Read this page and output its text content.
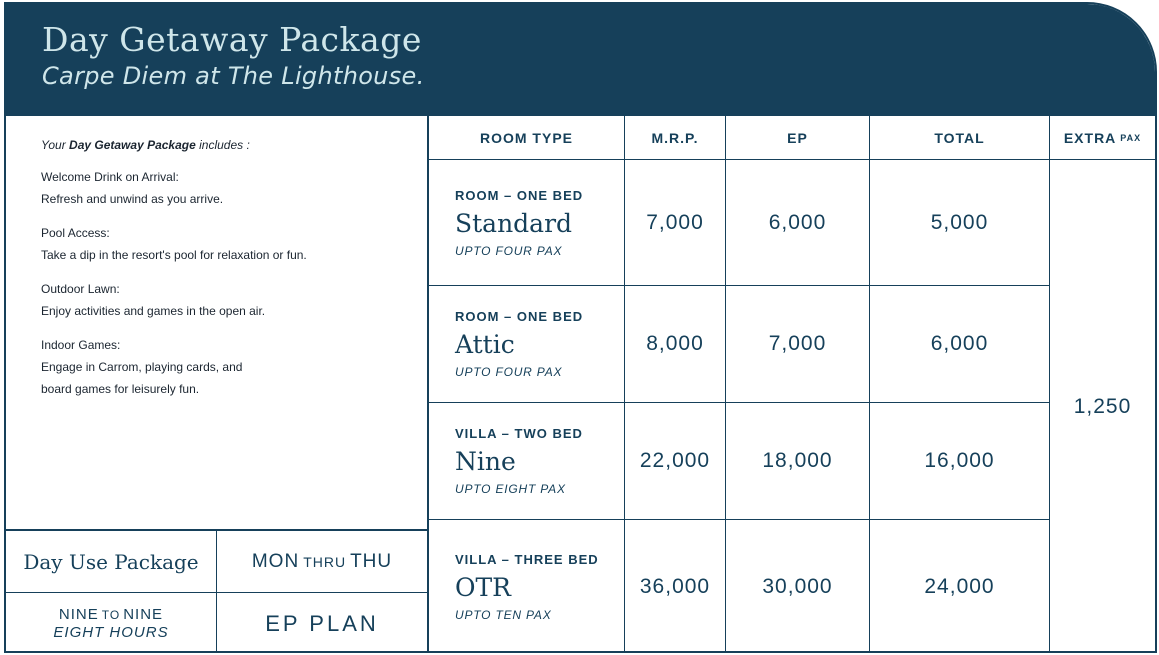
Day Getaway Package
Carpe Diem at The Lighthouse.
Your Day Getaway Package includes :
Welcome Drink on Arrival:
Refresh and unwind as you arrive.
Pool Access:
Take a dip in the resort's pool for relaxation or fun.
Outdoor Lawn:
Enjoy activities and games in the open air.
Indoor Games:
Engage in Carrom, playing cards, and
board games for leisurely fun.
Day Use Package	MON THRU THU
NINE TO NINE
EIGHT HOURS	EP PLAN
ROOM TYPE	M.R.P.	EP	TOTAL	EXTRA PAX
ROOM – ONE BED
Standard
UPTO FOUR PAX
7,000	6,000	5,000
ROOM – ONE BED
Attic
UPTO FOUR PAX
8,000	7,000	6,000
VILLA – TWO BED
Nine
UPTO EIGHT PAX
22,000	18,000	16,000
VILLA – THREE BED
OTR
UPTO TEN PAX
36,000	30,000	24,000
1,250
